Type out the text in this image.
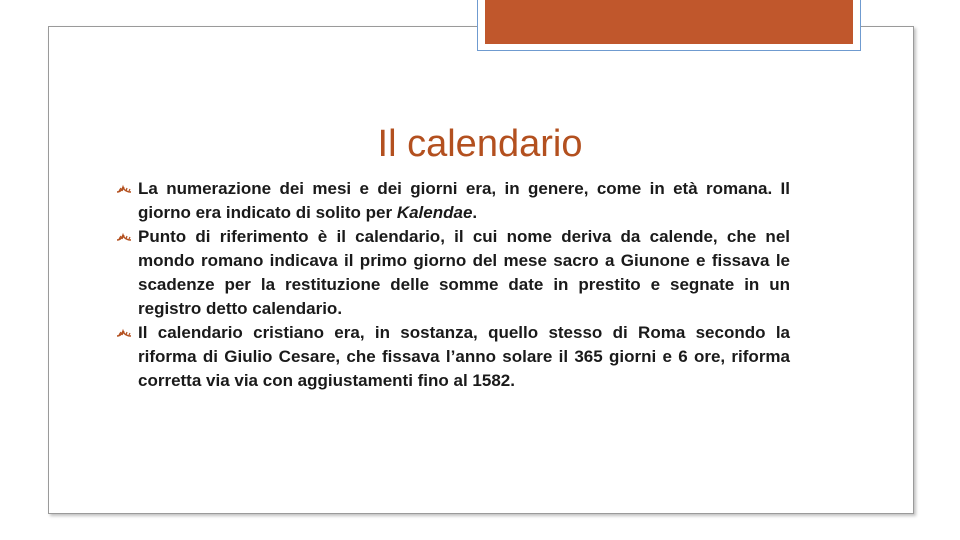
Il calendario
La numerazione dei mesi e dei giorni era, in genere, come in età romana. Il giorno era indicato di solito per Kalendae.
Punto di riferimento è il calendario, il cui nome deriva da calende, che nel mondo romano indicava il primo giorno del mese sacro a Giunone e fissava le scadenze per la restituzione delle somme date in prestito e segnate in un registro detto calendario.
Il calendario cristiano era, in sostanza, quello stesso di Roma secondo la riforma di Giulio Cesare, che fissava l’anno solare il 365 giorni e 6 ore, riforma corretta via via con aggiustamenti fino al 1582.
